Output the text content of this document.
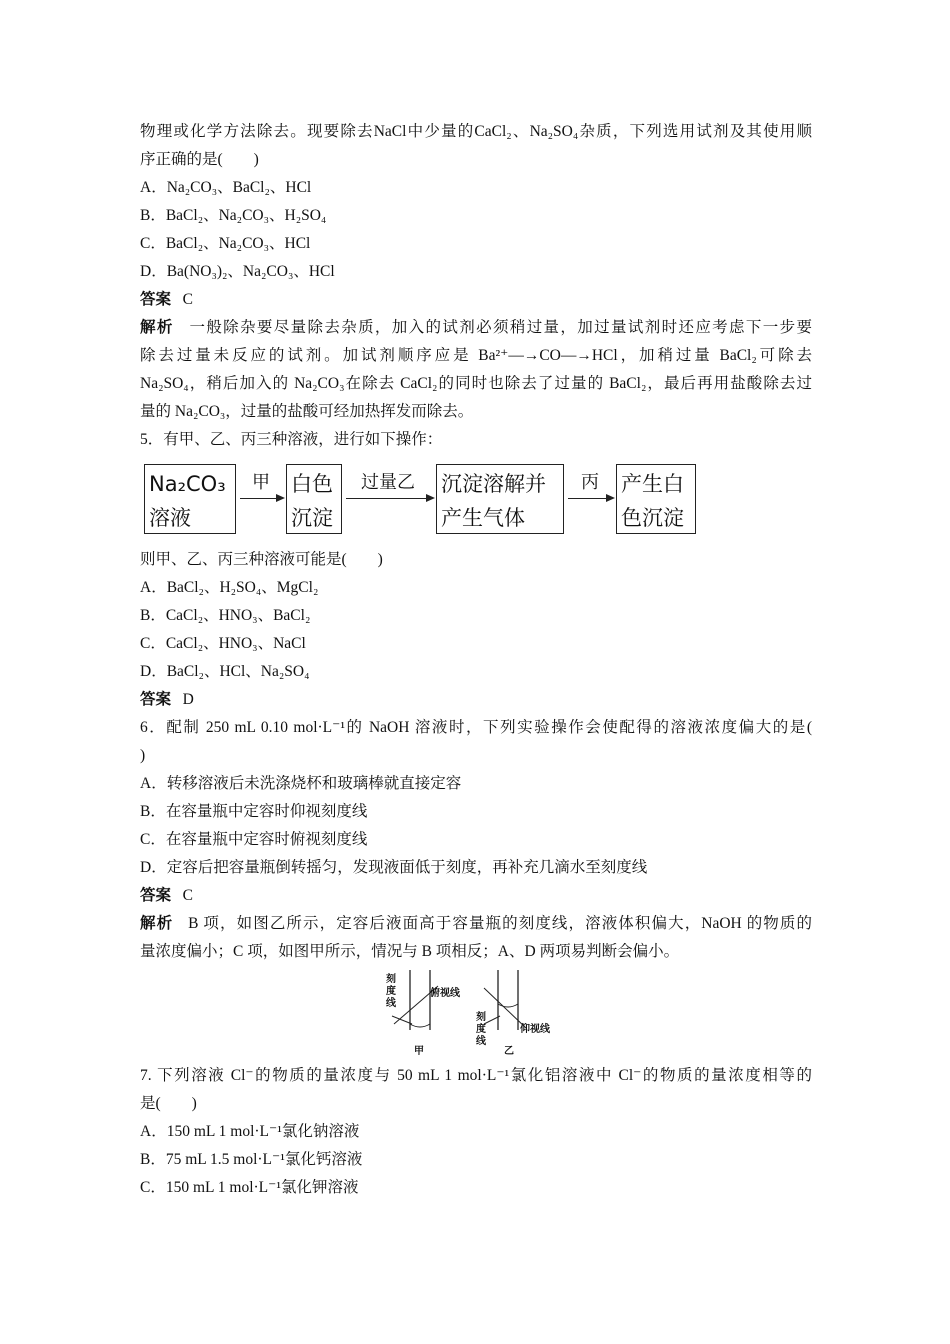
物理或化学方法除去。现要除去NaCl中少量的CaCl₂、Na₂SO₄杂质，下列选用试剂及其使用顺
序正确的是(　　)
A．Na₂CO₃、BaCl₂、HCl
B．BaCl₂、Na₂CO₃、H₂SO₄
C．BaCl₂、Na₂CO₃、HCl
D．Ba(NO₃)₂、Na₂CO₃、HCl
答案 C
解析 一般除杂要尽量除去杂质，加入的试剂必须稍过量，加过量试剂时还应考虑下一步要
除去过量未反应的试剂。加试剂顺序应是 Ba²⁺—→CO—→HCl，加稍过量 BaCl₂可除去
Na₂SO₄，稍后加入的 Na₂CO₃在除去 CaCl₂的同时也除去了过量的 BaCl₂，最后再用盐酸除去过
量的 Na₂CO₃，过量的盐酸可经加热挥发而除去。
5．有甲、乙、丙三种溶液，进行如下操作：
Na₂CO₃
溶液
甲	白色
沉淀
过量乙	沉淀溶解并
产生气体
丙	产生白
色沉淀
则甲、乙、丙三种溶液可能是(　　)
A．BaCl₂、H₂SO₄、MgCl₂
B．CaCl₂、HNO₃、BaCl₂
C．CaCl₂、HNO₃、NaCl
D．BaCl₂、HCl、Na₂SO₄
答案 D
6．配制 250 mL 0.10 mol·L⁻¹的 NaOH 溶液时，下列实验操作会使配得的溶液浓度偏大的是(
)
A．转移溶液后未洗涤烧杯和玻璃棒就直接定容
B．在容量瓶中定容时仰视刻度线
C．在容量瓶中定容时俯视刻度线
D．定容后把容量瓶倒转摇匀，发现液面低于刻度，再补充几滴水至刻度线
答案 C
解析 B 项，如图乙所示，定容后液面高于容量瓶的刻度线，溶液体积偏大，NaOH 的物质的
量浓度偏小；C 项，如图甲所示，情况与 B 项相反；A、D 两项易判断会偏小。
俯视线
甲
仰视线
乙
刻度线
刻度线
7. 下列溶液 Cl⁻的物质的量浓度与 50 mL 1 mol·L⁻¹氯化铝溶液中 Cl⁻的物质的量浓度相等的
是(　　)
A．150 mL 1 mol·L⁻¹氯化钠溶液
B．75 mL 1.5 mol·L⁻¹氯化钙溶液
C．150 mL 1 mol·L⁻¹氯化钾溶液
